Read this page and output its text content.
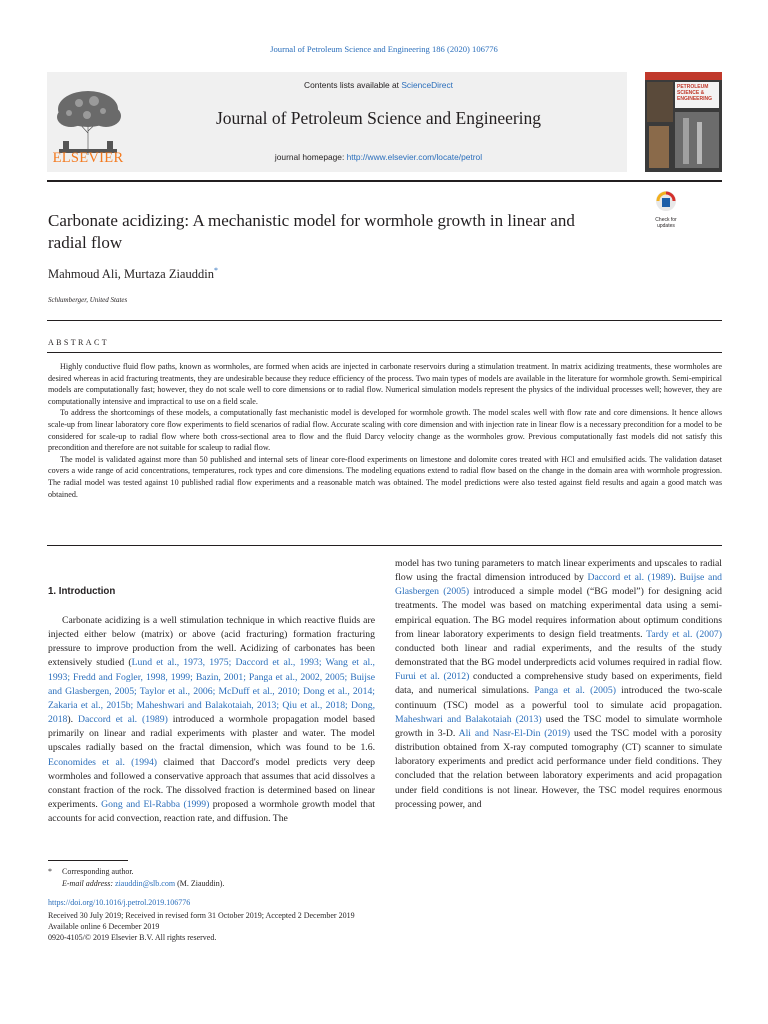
Journal of Petroleum Science and Engineering 186 (2020) 106776
ELSEVIER
Contents lists available at ScienceDirect
Journal of Petroleum Science and Engineering
journal homepage: http://www.elsevier.com/locate/petrol
PETROLEUM SCIENCE & ENGINEERING
Carbonate acidizing: A mechanistic model for wormhole growth in linear and radial flow
Check for updates
Mahmoud Ali, Murtaza Ziauddin*
Schlumberger, United States
ABSTRACT

Highly conductive fluid flow paths, known as wormholes, are formed when acids are injected in carbonate reservoirs during a stimulation treatment. In matrix acidizing treatments, these wormholes are desired whereas in acid fracturing treatments, they are undesirable because they reduce efficiency of the process. Two main types of models are available in the literature for wormhole growth. Semi-empirical models are computationally fast; however, they do not scale well to core dimensions or to radial flow. Numerical simulation models represent the physics of the individual processes well; however, they are computationally intensive and impractical to use on a field scale.

To address the shortcomings of these models, a computationally fast mechanistic model is developed for wormhole growth. The model scales well with flow rate and core dimensions. It hence allows scale-up from linear laboratory core flow experiments to field scenarios of radial flow. Accurate scaling with core dimension and with injection rate in linear flow is a necessary precondition for a model to be considered for scale-up to radial flow where both cross-sectional area to flow and the fluid Darcy velocity change as the wormholes grow. Previous computationally fast models did not satisfy this precondition and therefore are not suitable for scaleup to radial flow.

The model is validated against more than 50 published and internal sets of linear core-flood experiments on limestone and dolomite cores treated with HCl and emulsified acids. The validation dataset covers a wide range of acid concentrations, temperatures, rock types and core dimensions. The modeling equations extend to radial flow based on the change in the domain area with wormhole progression. The radial model was tested against 10 published radial flow experiments and a reasonable match was obtained. The model predictions were also tested against field results and again a good match was obtained.

1. Introduction

Carbonate acidizing is a well stimulation technique in which reactive fluids are injected either below (matrix) or above (acid fracturing) formation fracturing pressure to improve production from the well. Acidizing of carbonates has been extensively studied (Lund et al., 1973, 1975; Daccord et al., 1993; Wang et al., 1993; Fredd and Fogler, 1998, 1999; Bazin, 2001; Panga et al., 2002, 2005; Buijse and Glasbergen, 2005; Taylor et al., 2006; McDuff et al., 2010; Dong et al., 2014; Zakaria et al., 2015b; Maheshwari and Balakotaiah, 2013; Qiu et al., 2018; Dong, 2018). Daccord et al. (1989) introduced a wormhole propagation model based primarily on linear and radial experiments with plaster and water. The model upscales radially based on the fractal dimension, which was found to be 1.6. Economides et al. (1994) claimed that Daccord's model predicts very deep wormholes and followed a conservative approach that assumes that acid dissolves a constant fraction of the rock. The dissolved fraction is determined based on linear experiments. Gong and El-Rabba (1999) proposed a wormhole growth model that accounts for acid convection, reaction rate, and diffusion. The

model has two tuning parameters to match linear experiments and upscales to radial flow using the fractal dimension introduced by Daccord et al. (1989). Buijse and Glasbergen (2005) introduced a simple model (“BG model”) for designing acid treatments. The model was based on matching experimental data using a semi-empirical equation. The BG model requires information about optimum conditions from linear laboratory experiments to design field treatments. Tardy et al. (2007) conducted both linear and radial experiments, and the results of the study demonstrated that the BG model underpredicts acid volumes required in radial flow. Furui et al. (2012) conducted a comprehensive study based on experiments, field data, and numerical simulations. Panga et al. (2005) introduced the two-scale continuum (TSC) model as a powerful tool to simulate acid propagation. Maheshwari and Balakotaiah (2013) used the TSC model to simulate wormhole growth in 3-D. Ali and Nasr-El-Din (2019) used the TSC model with a porosity distribution obtained from X-ray computed tomography (CT) scanner to simulate laboratory experiments and predict acid performance under field conditions. They concluded that the relation between laboratory experiments and acid propagation under field conditions is not linear. However, the TSC model requires enormous processing power, and

* Corresponding author.
E-mail address: ziauddin@slb.com (M. Ziauddin).
https://doi.org/10.1016/j.petrol.2019.106776
Received 30 July 2019; Received in revised form 31 October 2019; Accepted 2 December 2019
Available online 6 December 2019
0920-4105/© 2019 Elsevier B.V. All rights reserved.
